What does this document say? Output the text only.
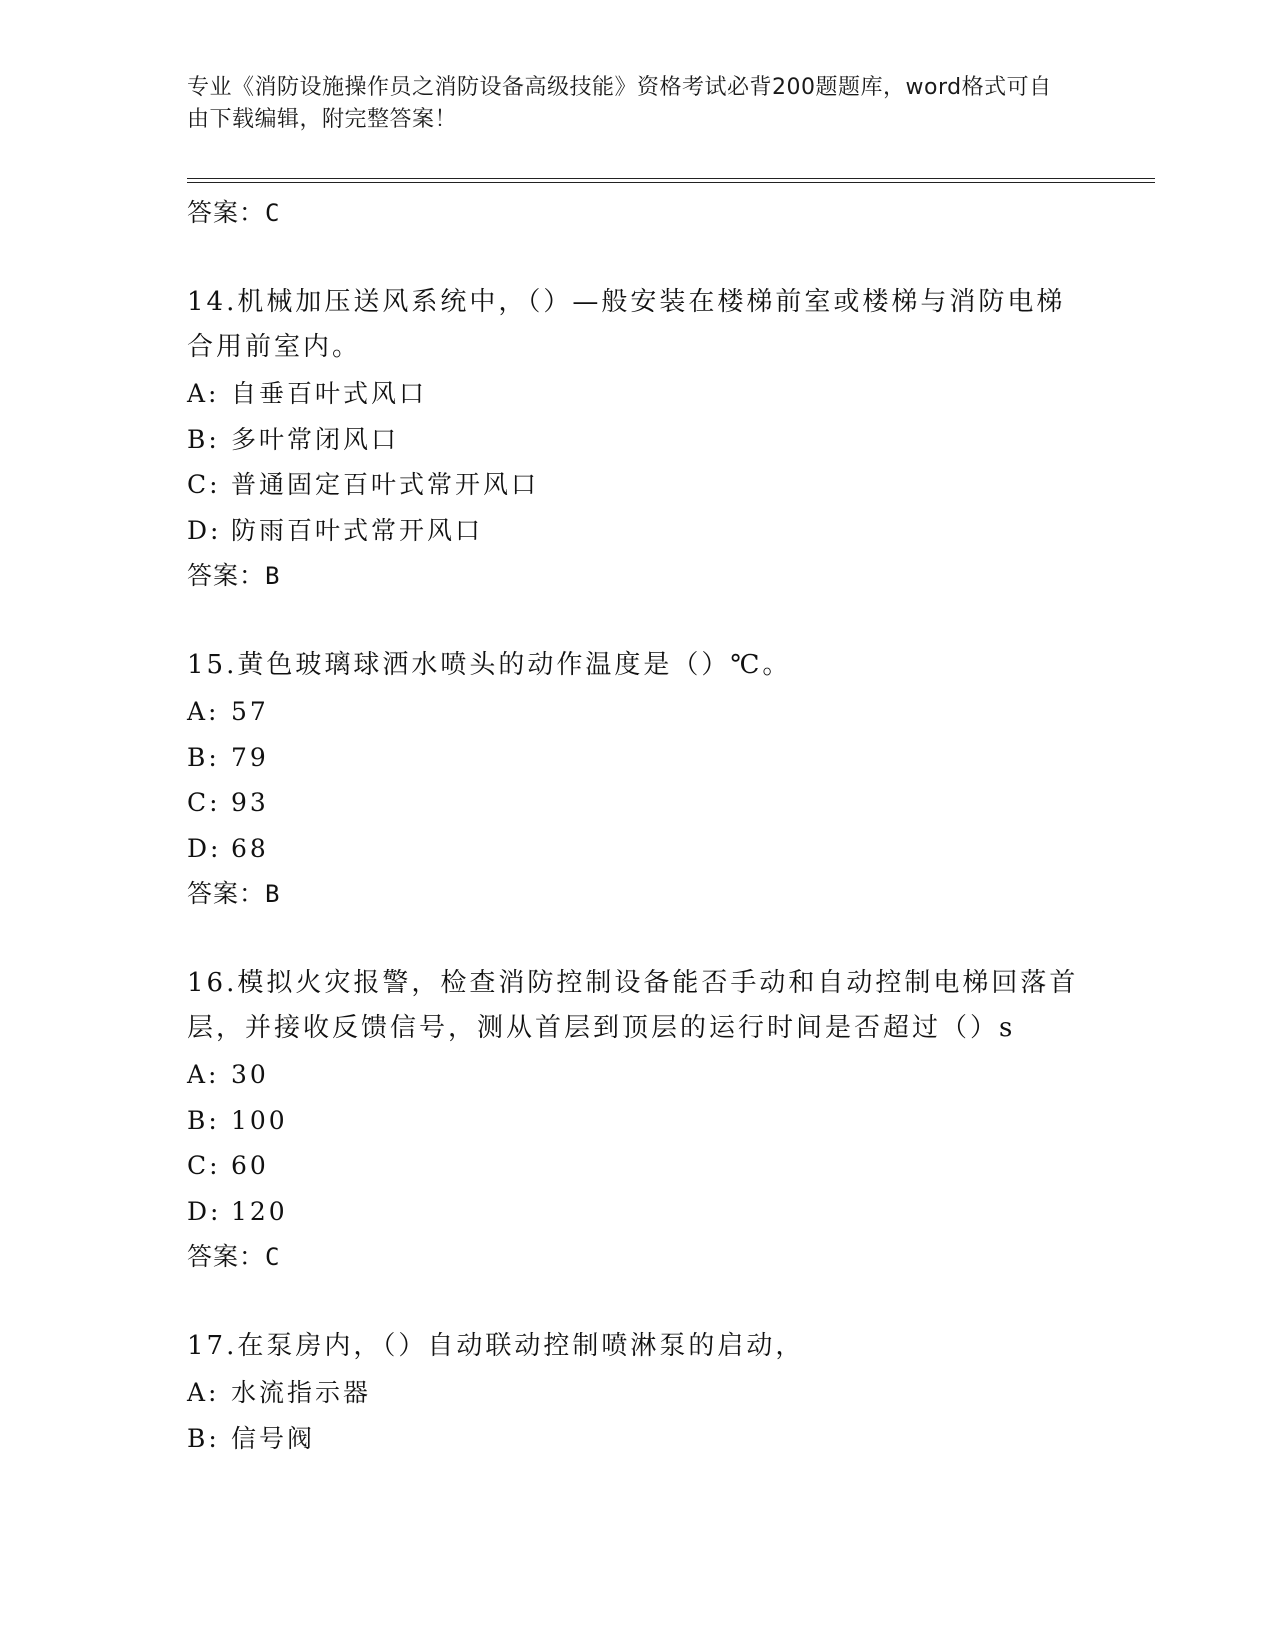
专业《消防设施操作员之消防设备高级技能》资格考试必背200题题库，word格式可自由下载编辑，附完整答案！
答案：C
14.机械加压送风系统中，（）—般安装在楼梯前室或楼梯与消防电梯合用前室内。
A: 自垂百叶式风口
B: 多叶常闭风口
C: 普通固定百叶式常开风口
D: 防雨百叶式常开风口
答案：B
15.黄色玻璃球洒水喷头的动作温度是（）℃。
A: 57
B: 79
C: 93
D: 68
答案：B
16.模拟火灾报警，检查消防控制设备能否手动和自动控制电梯回落首层，并接收反馈信号，测从首层到顶层的运行时间是否超过（）s
A: 30
B: 100
C: 60
D: 120
答案：C
17.在泵房内，（）自动联动控制喷淋泵的启动，
A: 水流指示器
B: 信号阀
